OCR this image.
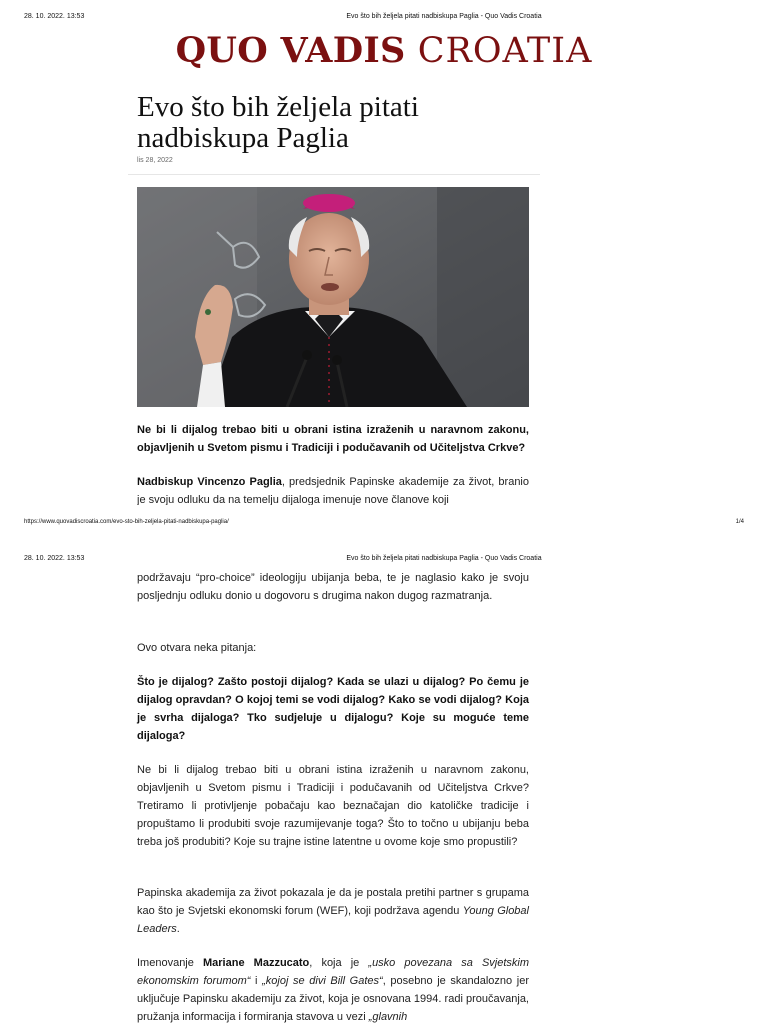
28. 10. 2022. 13:53	Evo što bih željela pitati nadbiskupa Paglia - Quo Vadis Croatia
QUO VADIS CROATIA
Evo što bih željela pitati nadbiskupa Paglia
lis 28, 2022

Ne bi li dijalog trebao biti u obrani istina izraženih u naravnom zakonu, objavljenih u Svetom pismu i Tradiciji i podučavanih od Učiteljstva Crkve?

Nadbiskup Vincenzo Paglia, predsjednik Papinske akademije za život, branio je svoju odluku da na temelju dijaloga imenuje nove članove koji

https://www.quovadiscroatia.com/evo-sto-bih-zeljela-pitati-nadbiskupa-paglia/	1/4
28. 10. 2022. 13:53	Evo što bih željela pitati nadbiskupa Paglia - Quo Vadis Croatia

podržavaju “pro-choice” ideologiju ubijanja beba, te je naglasio kako je svoju posljednju odluku donio u dogovoru s drugima nakon dugog razmatranja.

Ovo otvara neka pitanja:

Što je dijalog? Zašto postoji dijalog? Kada se ulazi u dijalog? Po čemu je dijalog opravdan? O kojoj temi se vodi dijalog? Kako se vodi dijalog? Koja je svrha dijaloga? Tko sudjeluje u dijalogu? Koje su moguće teme dijaloga?

Ne bi li dijalog trebao biti u obrani istina izraženih u naravnom zakonu, objavljenih u Svetom pismu i Tradiciji i podučavanih od Učiteljstva Crkve? Tretiramo li protivljenje pobačaju kao beznačajan dio katoličke tradicije i propuštamo li produbiti svoje razumijevanje toga? Što to točno u ubijanju beba treba još produbiti? Koje su trajne istine latentne u ovome koje smo propustili?

Papinska akademija za život pokazala je da je postala pretihi partner s grupama kao što je Svjetski ekonomski forum (WEF), koji podržava agendu Young Global Leaders.

Imenovanje Mariane Mazzucato, koja je „usko povezana sa Svjetskim ekonomskim forumom“ i „kojoj se divi Bill Gates“, posebno je skandalozno jer uključuje Papinsku akademiju za život, koja je osnovana 1994. radi proučavanja, pružanja informacija i formiranja stavova u vezi „glavnih
